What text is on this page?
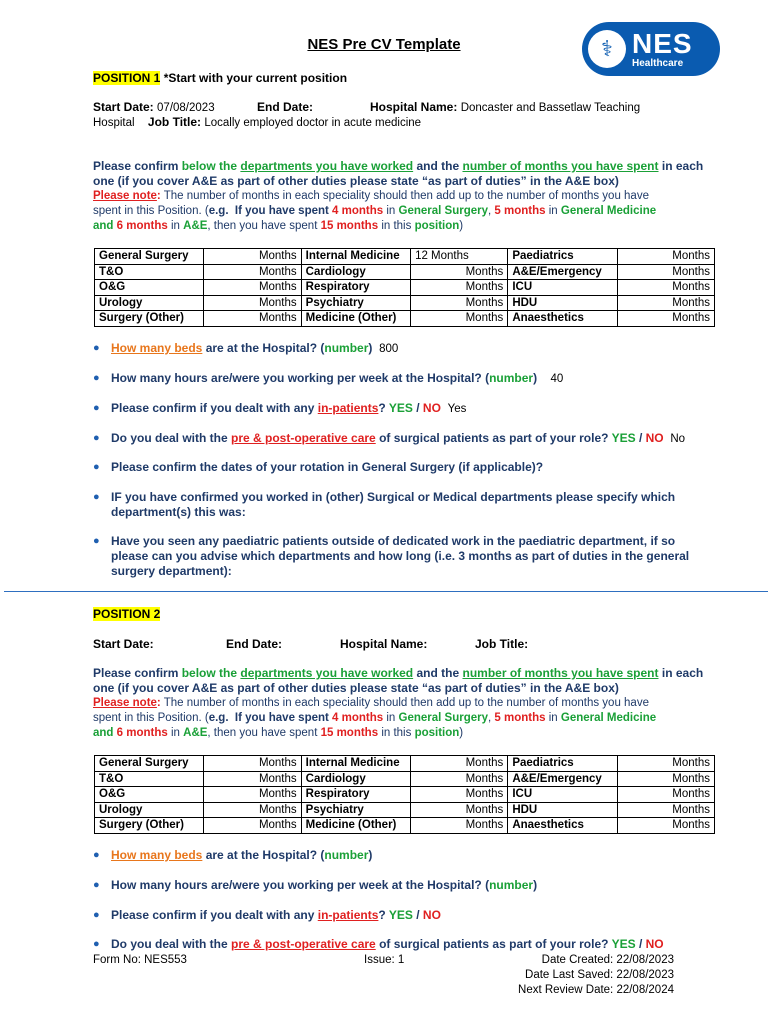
NES Pre CV Template	⚕ NES
Healthcare
POSITION 1 *Start with your current position
Start Date: 07/08/2023	End Date:	Hospital Name: Doncaster and Bassetlaw Teaching
Hospital Job Title: Locally employed doctor in acute medicine
Please confirm below the departments you have worked and the number of months you have spent in each
one (if you cover A&E as part of other duties please state “as part of duties” in the A&E box)
Please note: The number of months in each speciality should then add up to the number of months you have
spent in this Position. (e.g. If you have spent 4 months in General Surgery, 5 months in General Medicine
and 6 months in A&E, then you have spent 15 months in this position)
General Surgery	Months	Internal Medicine	12 Months	Paediatrics	Months
T&O	Months	Cardiology	Months	A&E/Emergency	Months
O&G	Months	Respiratory	Months	ICU	Months
Urology	Months	Psychiatry	Months	HDU	Months
Surgery (Other)	Months	Medicine (Other)	Months	Anaesthetics	Months
● How many beds are at the Hospital? (number) 800
● How many hours are/were you working per week at the Hospital? (number) 40
● Please confirm if you dealt with any in-patients? YES / NO Yes
● Do you deal with the pre & post-operative care of surgical patients as part of your role? YES / NO No
● Please confirm the dates of your rotation in General Surgery (if applicable)?
● IF you have confirmed you worked in (other) Surgical or Medical departments please specify which
department(s) this was:
● Have you seen any paediatric patients outside of dedicated work in the paediatric department, if so
please can you advise which departments and how long (i.e. 3 months as part of duties in the general
surgery department):
POSITION 2
Start Date:	End Date:	Hospital Name:	Job Title:
Please confirm below the departments you have worked and the number of months you have spent in each
one (if you cover A&E as part of other duties please state “as part of duties” in the A&E box)
Please note: The number of months in each speciality should then add up to the number of months you have
spent in this Position. (e.g. If you have spent 4 months in General Surgery, 5 months in General Medicine
and 6 months in A&E, then you have spent 15 months in this position)
General Surgery	Months	Internal Medicine	Months	Paediatrics	Months
T&O	Months	Cardiology	Months	A&E/Emergency	Months
O&G	Months	Respiratory	Months	ICU	Months
Urology	Months	Psychiatry	Months	HDU	Months
Surgery (Other)	Months	Medicine (Other)	Months	Anaesthetics	Months
● How many beds are at the Hospital? (number)
● How many hours are/were you working per week at the Hospital? (number)
● Please confirm if you dealt with any in-patients? YES / NO
● Do you deal with the pre & post-operative care of surgical patients as part of your role? YES / NO
Form No: NES553	Issue: 1	Date Created: 22/08/2023
Date Last Saved: 22/08/2023
Next Review Date: 22/08/2024
